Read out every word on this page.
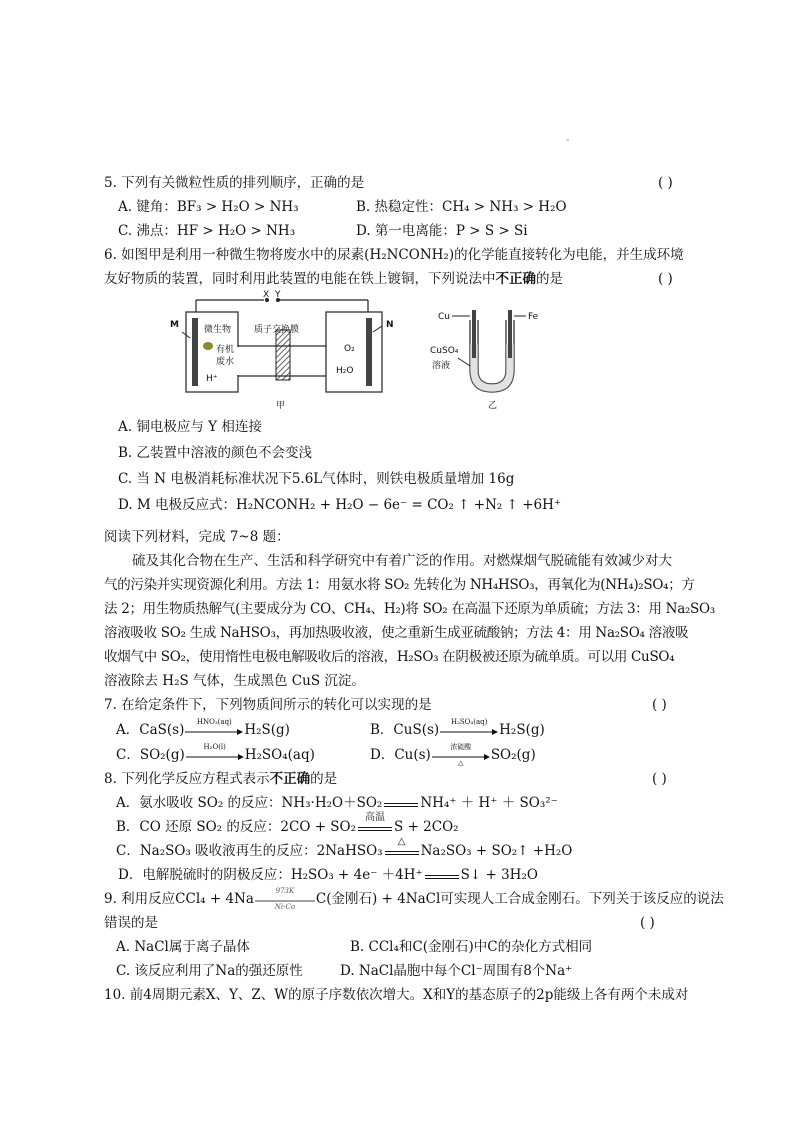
-
5. 下列有关微粒性质的排列顺序，正确的是	( )
A. 键角：BF₃ > H₂O > NH₃	B. 热稳定性：CH₄ > NH₃ > H₂O
C. 沸点：HF > H₂O > NH₃	D. 第一电离能：P > S > Si
6. 如图甲是利用一种微生物将废水中的尿素(H₂NCONH₂)的化学能直接转化为电能，并生成环境
友好物质的装置，同时利用此装置的电能在铁上镀铜，下列说法中不正确的是	( )
X Y
M	N
微生物
有机
废水
H⁺
质子交换膜
O₂
H₂O
甲
Cu	Fe
CuSO₄
溶液
乙
A. 铜电极应与 Y 相连接
B. 乙装置中溶液的颜色不会变浅
C. 当 N 电极消耗标准状况下5.6L气体时，则铁电极质量增加 16g
D. M 电极反应式：H₂NCONH₂ + H₂O − 6e⁻ = CO₂ ↑ +N₂ ↑ +6H⁺
阅读下列材料，完成 7~8 题：
硫及其化合物在生产、生活和科学研究中有着广泛的作用。对燃煤烟气脱硫能有效减少对大
气的污染并实现资源化利用。方法 1：用氨水将 SO₂ 先转化为 NH₄HSO₃，再氧化为(NH₄)₂SO₄；方
法 2；用生物质热解气(主要成分为 CO、CH₄、H₂)将 SO₂ 在高温下还原为单质硫；方法 3：用 Na₂SO₃
溶液吸收 SO₂ 生成 NaHSO₃，再加热吸收液，使之重新生成亚硫酸钠；方法 4：用 Na₂SO₄ 溶液吸
收烟气中 SO₂，使用惰性电极电解吸收后的溶液，H₂SO₃ 在阴极被还原为硫单质。可以用 CuSO₄
溶液除去 H₂S 气体，生成黑色 CuS 沉淀。
7. 在给定条件下，下列物质间所示的转化可以实现的是	( )
A．CaS(s)
HNO₃(aq)
H₂S(g)	B．CuS(s)
H₂SO₄(aq)
H₂S(g)
C．SO₂(g)
H₂O(l)
H₂SO₄(aq)	D．Cu(s)
浓硫酸
△	SO₂(g)
8. 下列化学反应方程式表示不正确的是	( )
A．氨水吸收 SO₂ 的反应：NH₃·H₂O＋SO₂	NH₄⁺ ＋ H⁺ ＋ SO₃²⁻
B．CO 还原 SO₂ 的反应：2CO + SO₂
高温
S + 2CO₂
C．Na₂SO₃ 吸收液再生的反应：2NaHSO₃
△
Na₂SO₃ + SO₂↑ +H₂O
D．电解脱硫时的阴极反应：H₂SO₃ + 4e⁻ ＋4H⁺	S↓ + 3H₂O
9. 利用反应CCl₄ + 4Na
973K
Ni-Co	C(金刚石) + 4NaCl可实现人工合成金刚石。下列关于该反应的说法
错误的是	( )
A. NaCl属于离子晶体	B. CCl₄和C(金刚石)中C的杂化方式相同
C. 该反应利用了Na的强还原性	D. NaCl晶胞中每个Cl⁻周围有8个Na⁺
10. 前4周期元素X、Y、Z、W的原子序数依次增大。X和Y的基态原子的2p能级上各有两个未成对
